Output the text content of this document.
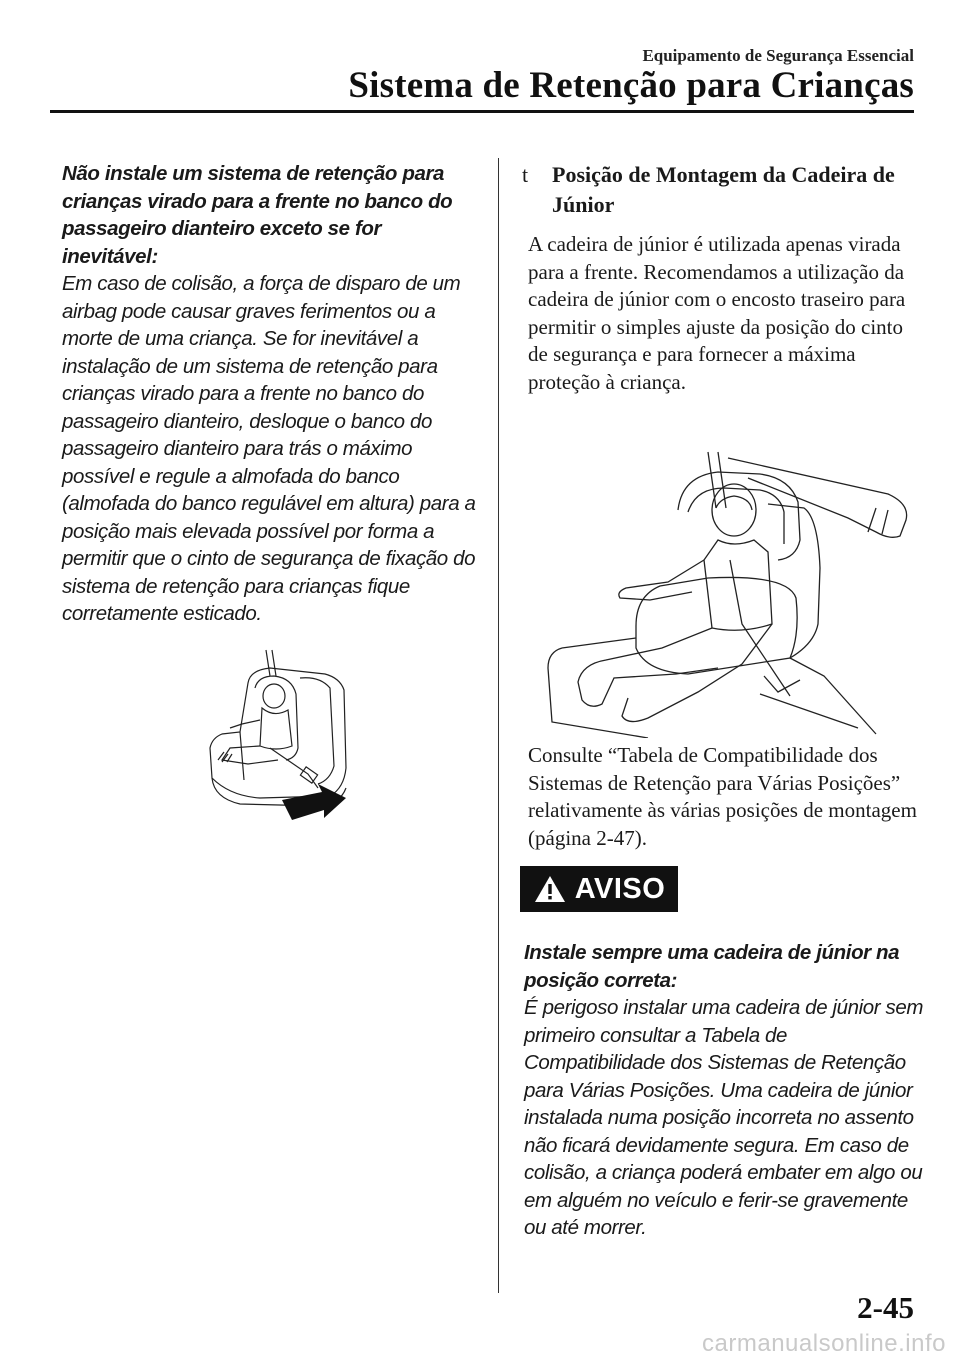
Equipamento de Segurança Essencial
Sistema de Retenção para Crianças
Não instale um sistema de retenção para crianças virado para a frente no banco do passageiro dianteiro exceto se for inevitável:
Em caso de colisão, a força de disparo de um airbag pode causar graves ferimentos ou a morte de uma criança. Se for inevitável a instalação de um sistema de retenção para crianças virado para a frente no banco do passageiro dianteiro, desloque o banco do passageiro dianteiro para trás o máximo possível e regule a almofada do banco (almofada do banco regulável em altura) para a posição mais elevada possível por forma a permitir que o cinto de segurança de fixação do sistema de retenção para crianças fique corretamente esticado.
t	Posição de Montagem da Cadeira de Júnior
A cadeira de júnior é utilizada apenas virada para a frente. Recomendamos a utilização da cadeira de júnior com o encosto traseiro para permitir o simples ajuste da posição do cinto de segurança e para fornecer a máxima proteção à criança.
Consulte “Tabela de Compatibilidade dos Sistemas de Retenção para Várias Posições” relativamente às várias posições de montagem (página 2-47).
AVISO
Instale sempre uma cadeira de júnior na posição correta:
É perigoso instalar uma cadeira de júnior sem primeiro consultar a Tabela de Compatibilidade dos Sistemas de Retenção para Várias Posições. Uma cadeira de júnior instalada numa posição incorreta no assento não ficará devidamente segura. Em caso de colisão, a criança poderá embater em algo ou em alguém no veículo e ferir-se gravemente ou até morrer.
2-45
carmanualsonline.info
